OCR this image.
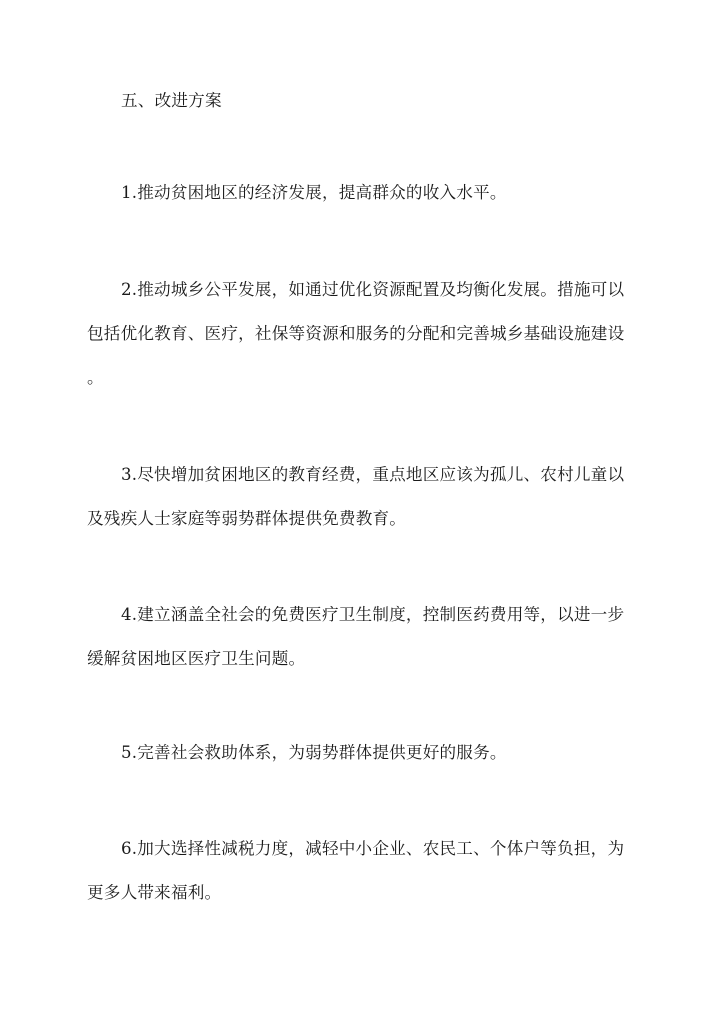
五、改进方案
1.推动贫困地区的经济发展，提高群众的收入水平。
2.推动城乡公平发展，如通过优化资源配置及均衡化发展。措施可以
包括优化教育、医疗，社保等资源和服务的分配和完善城乡基础设施建设
。
3.尽快增加贫困地区的教育经费，重点地区应该为孤儿、农村儿童以
及残疾人士家庭等弱势群体提供免费教育。
4.建立涵盖全社会的免费医疗卫生制度，控制医药费用等，以进一步
缓解贫困地区医疗卫生问题。
5.完善社会救助体系，为弱势群体提供更好的服务。
6.加大选择性减税力度，减轻中小企业、农民工、个体户等负担，为
更多人带来福利。
